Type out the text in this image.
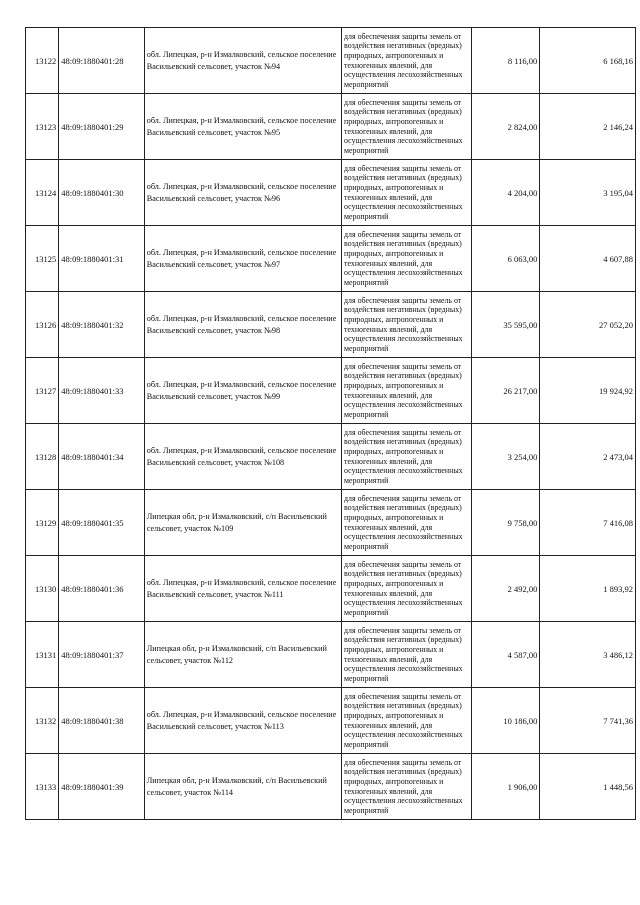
13122	48:09:1880401:28	обл. Липецкая, р-н Измалковский, сельское поселение Васильевский сельсовет, участок №94	для обеспечения защиты земель от воздействия негативных (вредных) природных, антропогенных и техногенных явлений, для осуществления лесохозяйственных мероприятий	8 116,00	6 168,16
13123	48:09:1880401:29	обл. Липецкая, р-н Измалковский, сельское поселение Васильевский сельсовет, участок №95	для обеспечения защиты земель от воздействия негативных (вредных) природных, антропогенных и техногенных явлений, для осуществления лесохозяйственных мероприятий	2 824,00	2 146,24
13124	48:09:1880401:30	обл. Липецкая, р-н Измалковский, сельское поселение Васильевский сельсовет, участок №96	для обеспечения защиты земель от воздействия негативных (вредных) природных, антропогенных и техногенных явлений, для осуществления лесохозяйственных мероприятий	4 204,00	3 195,04
13125	48:09:1880401:31	обл. Липецкая, р-н Измалковский, сельское поселение Васильевский сельсовет, участок №97	для обеспечения защиты земель от воздействия негативных (вредных) природных, антропогенных и техногенных явлений, для осуществления лесохозяйственных мероприятий	6 063,00	4 607,88
13126	48:09:1880401:32	обл. Липецкая, р-н Измалковский, сельское поселение Васильевский сельсовет, участок №98	для обеспечения защиты земель от воздействия негативных (вредных) природных, антропогенных и техногенных явлений, для осуществления лесохозяйственных мероприятий	35 595,00	27 052,20
13127	48:09:1880401:33	обл. Липецкая, р-н Измалковский, сельское поселение Васильевский сельсовет, участок №99	для обеспечения защиты земель от воздействия негативных (вредных) природных, антропогенных и техногенных явлений, для осуществления лесохозяйственных мероприятий	26 217,00	19 924,92
13128	48:09:1880401:34	обл. Липецкая, р-н Измалковский, сельское поселение Васильевский сельсовет, участок №108	для обеспечения защиты земель от воздействия негативных (вредных) природных, антропогенных и техногенных явлений, для осуществления лесохозяйственных мероприятий	3 254,00	2 473,04
13129	48:09:1880401:35	Липецкая обл, р-н Измалковский, с/п Васильевский сельсовет, участок №109	для обеспечения защиты земель от воздействия негативных (вредных) природных, антропогенных и техногенных явлений, для осуществления лесохозяйственных мероприятий	9 758,00	7 416,08
13130	48:09:1880401:36	обл. Липецкая, р-н Измалковский, сельское поселение Васильевский сельсовет, участок №111	для обеспечения защиты земель от воздействия негативных (вредных) природных, антропогенных и техногенных явлений, для осуществления лесохозяйственных мероприятий	2 492,00	1 893,92
13131	48:09:1880401:37	Липецкая обл, р-н Измалковский, с/п Васильевский сельсовет, участок №112	для обеспечения защиты земель от воздействия негативных (вредных) природных, антропогенных и техногенных явлений, для осуществления лесохозяйственных мероприятий	4 587,00	3 486,12
13132	48:09:1880401:38	обл. Липецкая, р-н Измалковский, сельское поселение Васильевский сельсовет, участок №113	для обеспечения защиты земель от воздействия негативных (вредных) природных, антропогенных и техногенных явлений, для осуществления лесохозяйственных мероприятий	10 186,00	7 741,36
13133	48:09:1880401:39	Липецкая обл, р-н Измалковский, с/п Васильевский сельсовет, участок №114	для обеспечения защиты земель от воздействия негативных (вредных) природных, антропогенных и техногенных явлений, для осуществления лесохозяйственных мероприятий	1 906,00	1 448,56
